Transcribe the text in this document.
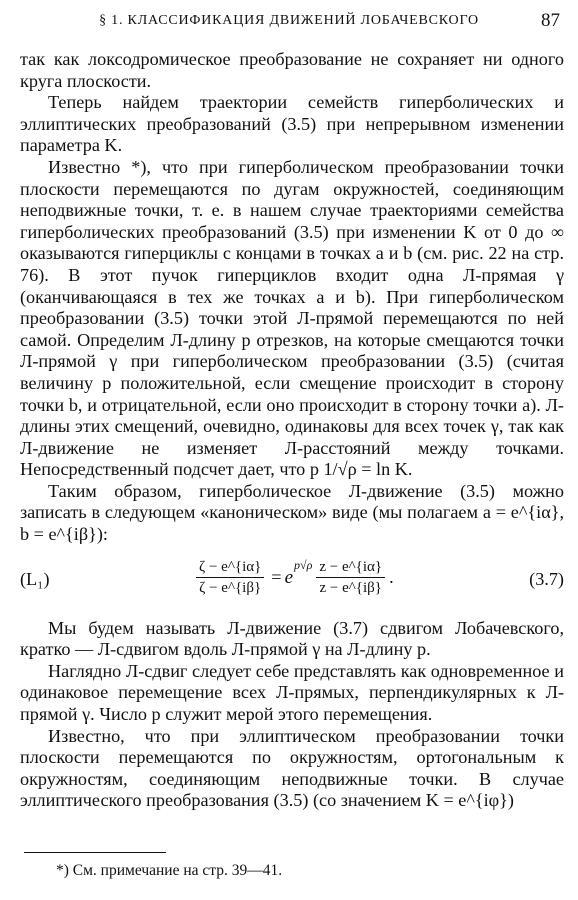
§ 1. КЛАССИФИКАЦИЯ ДВИЖЕНИЙ ЛОБАЧЕВСКОГО	87

так как локсодромическое преобразование не сохраняет ни одного круга плоскости.

Теперь найдем траектории семейств гиперболических и эллиптических преобразований (3.5) при непрерывном изменении параметра K.

Известно *), что при гиперболическом преобразовании точки плоскости перемещаются по дугам окружностей, соединяющим неподвижные точки, т. е. в нашем случае траекториями семейства гиперболических преобразований (3.5) при изменении K от 0 до ∞ оказываются гиперциклы с концами в точках a и b (см. рис. 22 на стр. 76). В этот пучок гиперциклов входит одна Л-прямая γ (оканчивающаяся в тех же точках a и b). При гиперболическом преобразовании (3.5) точки этой Л-прямой перемещаются по ней самой. Определим Л-длину p отрезков, на которые смещаются точки Л-прямой γ при гиперболическом преобразовании (3.5) (считая величину p положительной, если смещение происходит в сторону точки b, и отрицательной, если оно происходит в сторону точки a). Л-длины этих смещений, очевидно, одинаковы для всех точек γ, так как Л-движение не изменяет Л-расстояний между точками. Непосредственный подсчет дает, что p 1/√ρ = ln K.

Таким образом, гиперболическое Л-движение (3.5) можно записать в следующем «каноническом» виде (мы полагаем a = e^{iα}, b = e^{iβ}):

(L₁)	$\frac{\zeta - e\^{}\{i\alpha\}}{\zeta - e\^{}\{i\beta\}} = e$
$p√\rho \frac{z - e\^{}\{i\alpha\}}{z - e\^{}\{i\beta\}}$ .	(3.7)

Мы будем называть Л-движение (3.7) сдвигом Лобачевского, кратко — Л-сдвигом вдоль Л-прямой γ на Л-длину p.

Наглядно Л-сдвиг следует себе представлять как одновременное и одинаковое перемещение всех Л-прямых, перпендикулярных к Л-прямой γ. Число p служит мерой этого перемещения.

Известно, что при эллиптическом преобразовании точки плоскости перемещаются по окружностям, ортогональным к окружностям, соединяющим неподвижные точки. В случае эллиптического преобразования (3.5) (со значением K = e^{iφ})

*) См. примечание на стр. 39—41.
